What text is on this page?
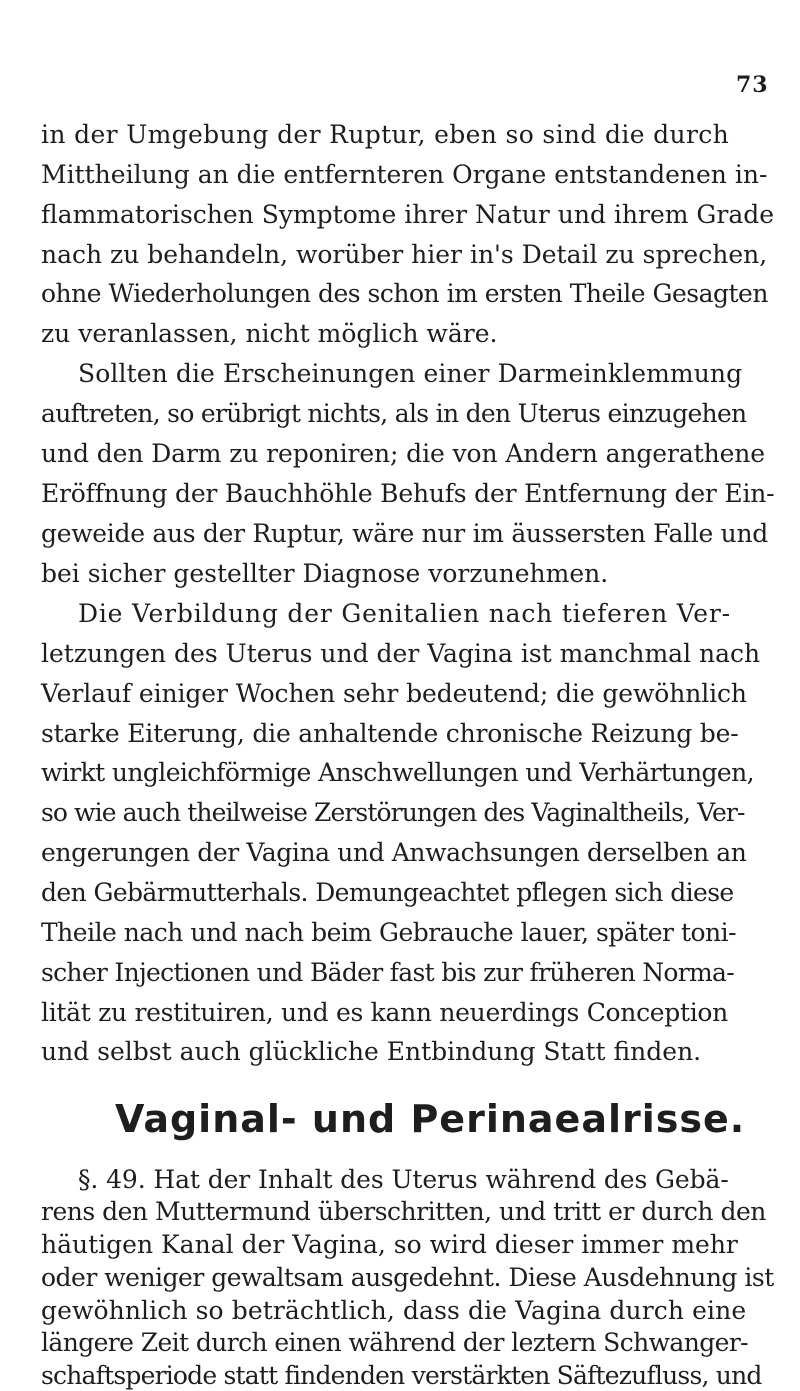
73
in der Umgebung der Ruptur, eben so sind die durch
Mittheilung an die entfernteren Organe entstandenen in-
flammatorischen Symptome ihrer Natur und ihrem Grade
nach zu behandeln, worüber hier in's Detail zu sprechen,
ohne Wiederholungen des schon im ersten Theile Gesagten
zu veranlassen, nicht möglich wäre.
Sollten die Erscheinungen einer Darmeinklemmung
auftreten, so erübrigt nichts, als in den Uterus einzugehen
und den Darm zu reponiren; die von Andern angerathene
Eröffnung der Bauchhöhle Behufs der Entfernung der Ein-
geweide aus der Ruptur, wäre nur im äussersten Falle und
bei sicher gestellter Diagnose vorzunehmen.
Die Verbildung der Genitalien nach tieferen Ver-
letzungen des Uterus und der Vagina ist manchmal nach
Verlauf einiger Wochen sehr bedeutend; die gewöhnlich
starke Eiterung, die anhaltende chronische Reizung be-
wirkt ungleichförmige Anschwellungen und Verhärtungen,
so wie auch theilweise Zerstörungen des Vaginaltheils, Ver-
engerungen der Vagina und Anwachsungen derselben an
den Gebärmutterhals. Demungeachtet pflegen sich diese
Theile nach und nach beim Gebrauche lauer, später toni-
scher Injectionen und Bäder fast bis zur früheren Norma-
lität zu restituiren, und es kann neuerdings Conception
und selbst auch glückliche Entbindung Statt finden.
Vaginal- und Perinaealrisse.
§. 49. Hat der Inhalt des Uterus während des Gebä-
rens den Muttermund überschritten, und tritt er durch den
häutigen Kanal der Vagina, so wird dieser immer mehr
oder weniger gewaltsam ausgedehnt. Diese Ausdehnung ist
gewöhnlich so beträchtlich, dass die Vagina durch eine
längere Zeit durch einen während der leztern Schwanger-
schaftsperiode statt findenden verstärkten Säftezufluss, und
